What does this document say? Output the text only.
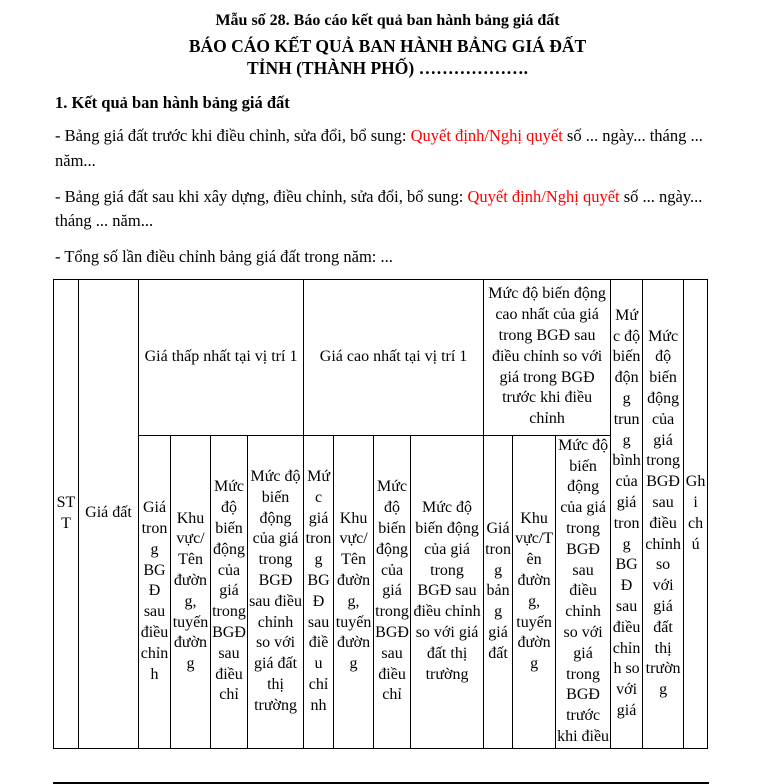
Mẫu số 28. Báo cáo kết quả ban hành bảng giá đất
BÁO CÁO KẾT QUẢ BAN HÀNH BẢNG GIÁ ĐẤT
TỈNH (THÀNH PHỐ) ……………….
1. Kết quả ban hành bảng giá đất

- Bảng giá đất trước khi điều chỉnh, sửa đổi, bổ sung: Quyết định/Nghị quyết số ... ngày... tháng ... năm...

- Bảng giá đất sau khi xây dựng, điều chỉnh, sửa đổi, bổ sung: Quyết định/Nghị quyết số ... ngày... tháng ... năm...

- Tổng số lần điều chỉnh bảng giá đất trong năm: ...

STT	Giá đất	Giá thấp nhất tại vị trí 1				Giá cao nhất tại vị trí 1				Mức độ biến động cao nhất của giá trong BGĐ sau điều chỉnh so với giá trong BGĐ trước khi điều chỉnh			Mức độ biến động trung bình của giá trong BGĐ sau điều chỉnh so với giá	Mức độ biến động của giá trong BGĐ sau điều chỉnh so với giá đất thị trường	Ghi chú
		Giá trong BGĐ sau điều chỉnh	Khu vực/Tên đường, tuyến đường	Mức độ biến động của giá trong BGĐ sau điều chỉ	Mức độ biến động của giá trong BGĐ sau điều chỉnh so với giá đất thị trường	Mức giá trong BGĐ sau điều chỉnh	Khu vực/Tên đường, tuyến đường	Mức độ biến động của giá trong BGĐ sau điều chỉ	Mức độ biến động của giá trong BGĐ sau điều chỉnh so với giá đất thị trường	Giá trong bảng giá đất	Khu vực/Tên đường, tuyến đường	Mức độ biến động của giá trong BGĐ sau điều chỉnh so với giá trong BGĐ trước khi điều			
